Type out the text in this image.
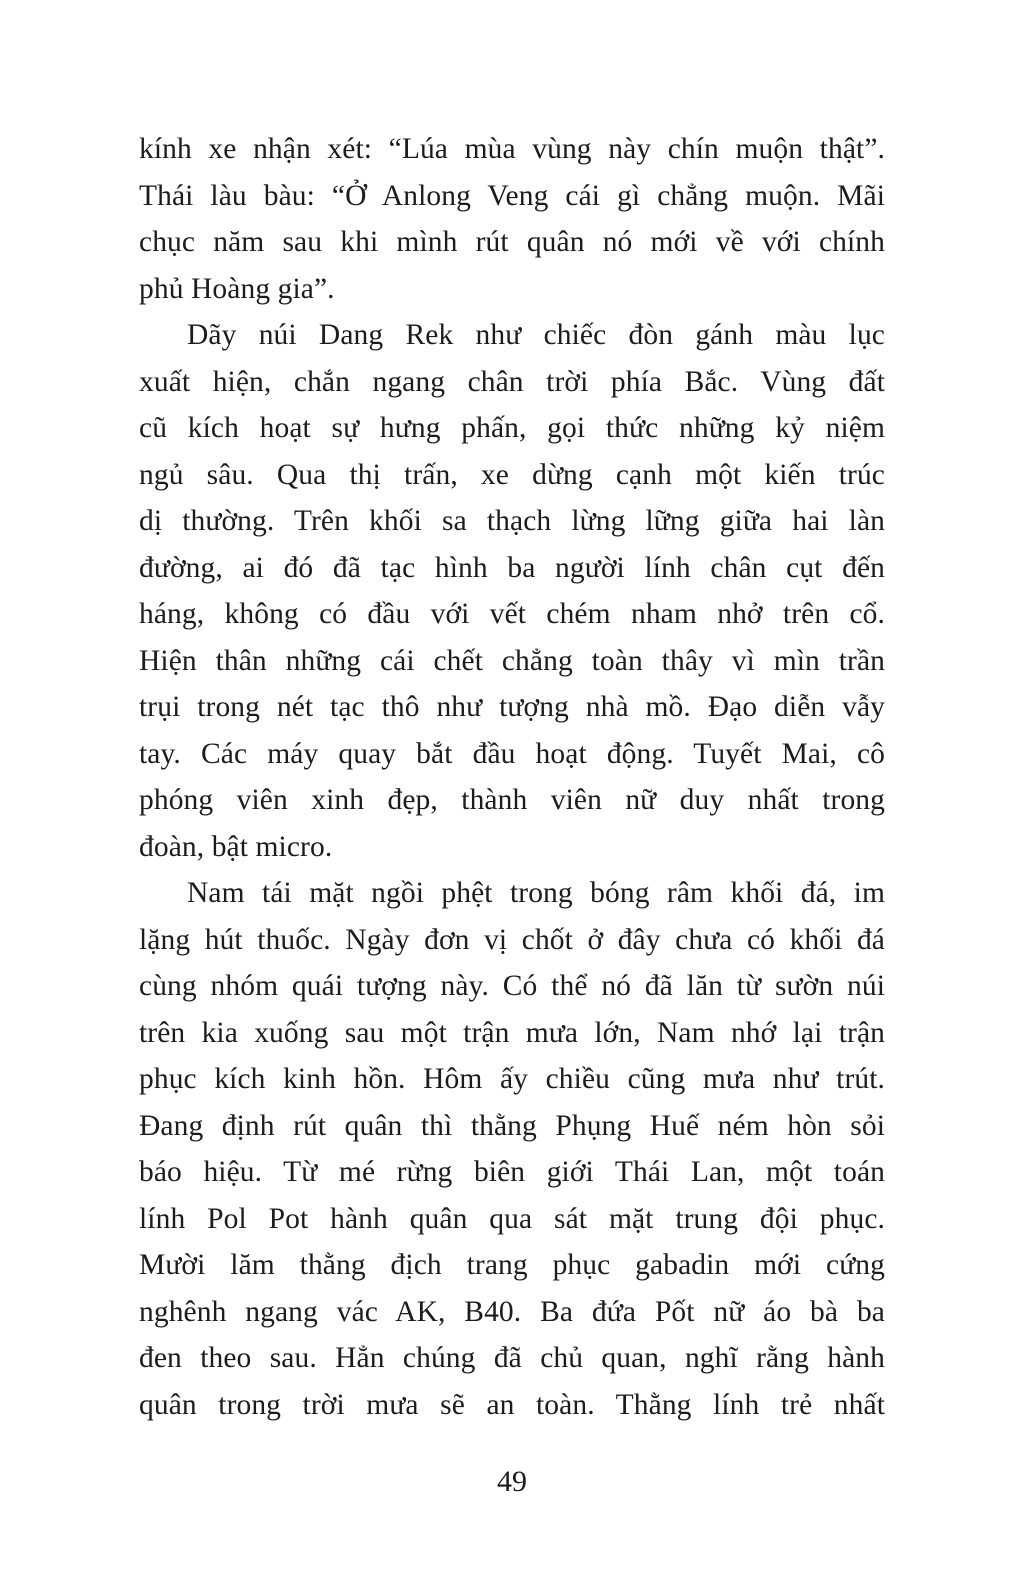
kính xe nhận xét: “Lúa mùa vùng này chín muộn thật”.
Thái làu bàu: “Ở Anlong Veng cái gì chẳng muộn. Mãi
chục năm sau khi mình rút quân nó mới về với chính
phủ Hoàng gia”.
Dãy núi Dang Rek như chiếc đòn gánh màu lục
xuất hiện, chắn ngang chân trời phía Bắc. Vùng đất
cũ kích hoạt sự hưng phấn, gọi thức những kỷ niệm
ngủ sâu. Qua thị trấn, xe dừng cạnh một kiến trúc
dị thường. Trên khối sa thạch lừng lững giữa hai làn
đường, ai đó đã tạc hình ba người lính chân cụt đến
háng, không có đầu với vết chém nham nhở trên cổ.
Hiện thân những cái chết chẳng toàn thây vì mìn trần
trụi trong nét tạc thô như tượng nhà mồ. Đạo diễn vẫy
tay. Các máy quay bắt đầu hoạt động. Tuyết Mai, cô
phóng viên xinh đẹp, thành viên nữ duy nhất trong
đoàn, bật micro.
Nam tái mặt ngồi phệt trong bóng râm khối đá, im
lặng hút thuốc. Ngày đơn vị chốt ở đây chưa có khối đá
cùng nhóm quái tượng này. Có thể nó đã lăn từ sườn núi
trên kia xuống sau một trận mưa lớn, Nam nhớ lại trận
phục kích kinh hồn. Hôm ấy chiều cũng mưa như trút.
Đang định rút quân thì thằng Phụng Huế ném hòn sỏi
báo hiệu. Từ mé rừng biên giới Thái Lan, một toán
lính Pol Pot hành quân qua sát mặt trung đội phục.
Mười lăm thằng địch trang phục gabadin mới cứng
nghênh ngang vác AK, B40. Ba đứa Pốt nữ áo bà ba
đen theo sau. Hẳn chúng đã chủ quan, nghĩ rằng hành
quân trong trời mưa sẽ an toàn. Thằng lính trẻ nhất
49
